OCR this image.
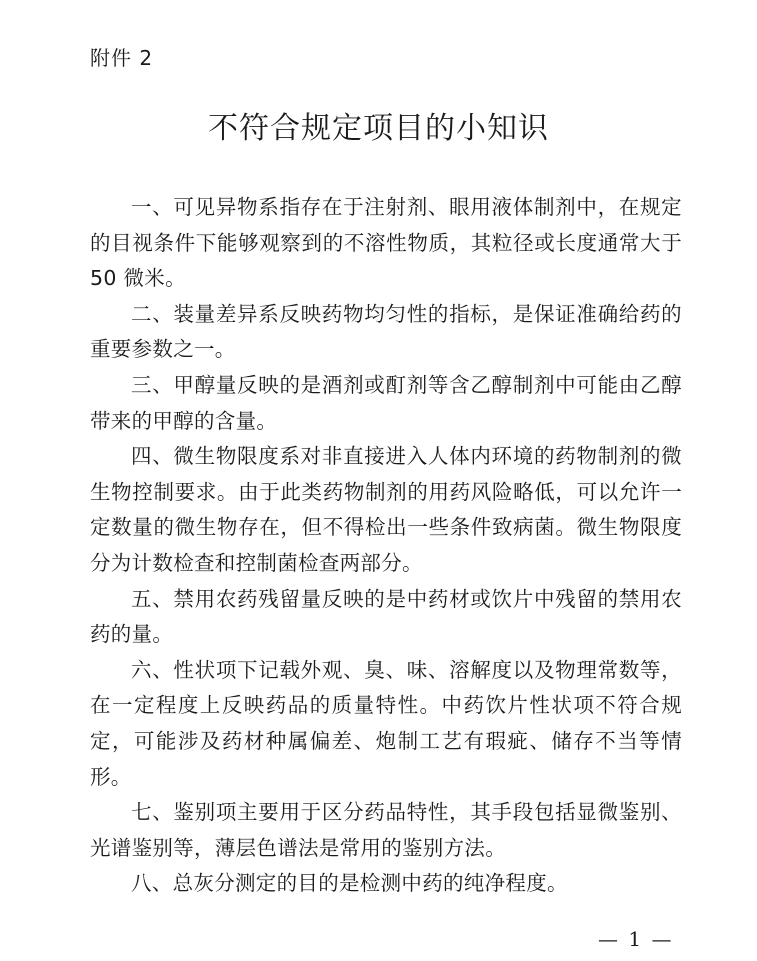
附件 2
不符合规定项目的小知识

一、可见异物系指存在于注射剂、眼用液体制剂中，在规定的目视条件下能够观察到的不溶性物质，其粒径或长度通常大于50 微米。

二、装量差异系反映药物均匀性的指标，是保证准确给药的重要参数之一。

三、甲醇量反映的是酒剂或酊剂等含乙醇制剂中可能由乙醇带来的甲醇的含量。

四、微生物限度系对非直接进入人体内环境的药物制剂的微生物控制要求。由于此类药物制剂的用药风险略低，可以允许一定数量的微生物存在，但不得检出一些条件致病菌。微生物限度分为计数检查和控制菌检查两部分。

五、禁用农药残留量反映的是中药材或饮片中残留的禁用农药的量。

六、性状项下记载外观、臭、味、溶解度以及物理常数等，在一定程度上反映药品的质量特性。中药饮片性状项不符合规定，可能涉及药材种属偏差、炮制工艺有瑕疵、储存不当等情形。

七、鉴别项主要用于区分药品特性，其手段包括显微鉴别、光谱鉴别等，薄层色谱法是常用的鉴别方法。

八、总灰分测定的目的是检测中药的纯净程度。

— 1 —
